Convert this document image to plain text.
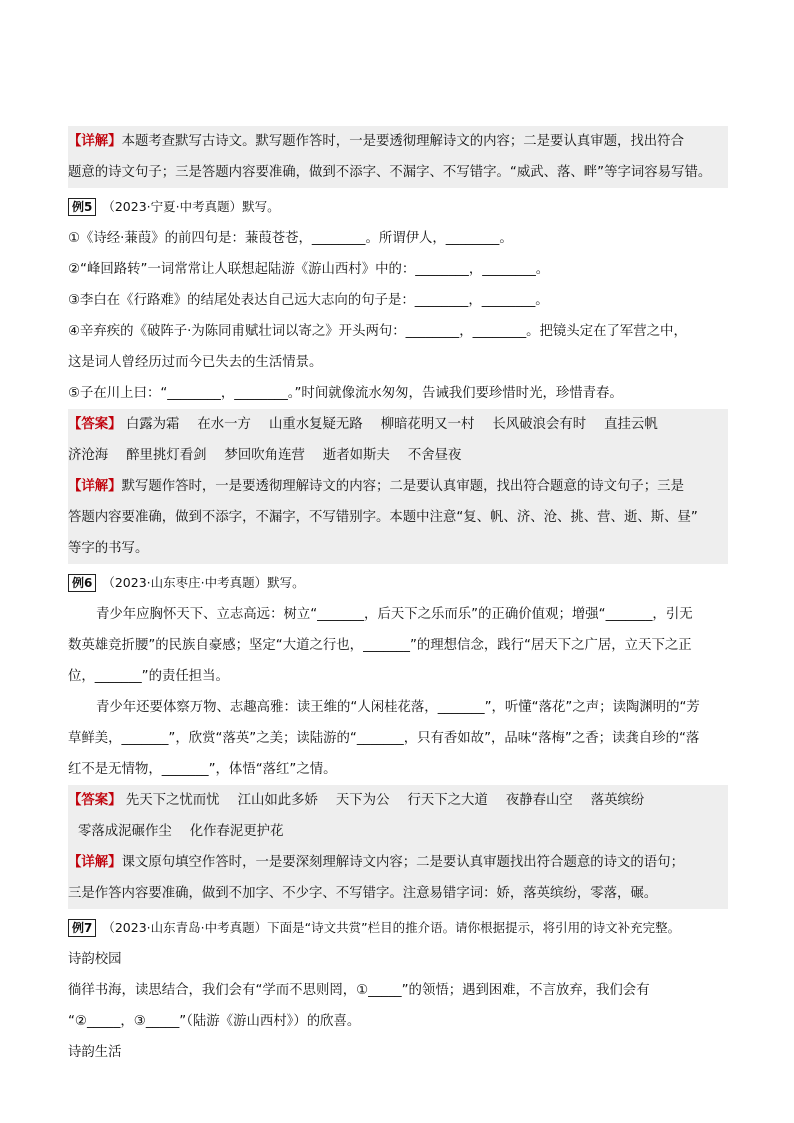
【详解】本题考查默写古诗文。默写题作答时，一是要透彻理解诗文的内容；二是要认真审题，找出符合
题意的诗文句子；三是答题内容要准确，做到不添字、不漏字、不写错字。“威武、落、畔”等字词容易写错。
例5 （2023·宁夏·中考真题）默写。
①《诗经·蒹葭》的前四句是：蒹葭苍苍，________。所谓伊人，________。
②“峰回路转”一词常常让人联想起陆游《游山西村》中的：________，________。
③李白在《行路难》的结尾处表达自己远大志向的句子是：________，________。
④辛弃疾的《破阵子·为陈同甫赋壮词以寄之》开头两句：________，________。把镜头定在了军营之中，
这是词人曾经历过而今已失去的生活情景。
⑤子在川上曰：“________，________。”时间就像流水匆匆，告诫我们要珍惜时光，珍惜青春。
【答案】 白露为霜 在水一方 山重水复疑无路 柳暗花明又一村 长风破浪会有时 直挂云帆
济沧海 醉里挑灯看剑 梦回吹角连营 逝者如斯夫 不舍昼夜
【详解】默写题作答时，一是要透彻理解诗文的内容；二是要认真审题，找出符合题意的诗文句子；三是
答题内容要准确，做到不添字，不漏字，不写错别字。本题中注意“复、帆、济、沧、挑、营、逝、斯、昼”
等字的书写。
例6 （2023·山东枣庄·中考真题）默写。
青少年应胸怀天下、立志高远：树立“_______，后天下之乐而乐”的正确价值观；增强“_______，引无
数英雄竞折腰”的民族自豪感；坚定“大道之行也，_______”的理想信念，践行“居天下之广居，立天下之正
位，_______”的责任担当。
青少年还要体察万物、志趣高雅：读王维的“人闲桂花落，_______”，听懂“落花”之声；读陶渊明的“芳
草鲜美，_______”，欣赏“落英”之美；读陆游的“_______，只有香如故”，品味“落梅”之香；读龚自珍的“落
红不是无情物，_______”，体悟“落红”之情。
【答案】 先天下之忧而忧 江山如此多娇 天下为公 行天下之大道 夜静春山空 落英缤纷
零落成泥碾作尘 化作春泥更护花
【详解】课文原句填空作答时，一是要深刻理解诗文内容；二是要认真审题找出符合题意的诗文的语句；
三是作答内容要准确，做到不加字、不少字、不写错字。注意易错字词：娇，落英缤纷，零落，碾。
例7 （2023·山东青岛·中考真题）下面是“诗文共赏”栏目的推介语。请你根据提示，将引用的诗文补充完整。
诗韵校园
徜徉书海，读思结合，我们会有“学而不思则罔，①_____”的领悟；遇到困难，不言放弃，我们会有
“②_____，③_____”（陆游《游山西村》）的欣喜。
诗韵生活
